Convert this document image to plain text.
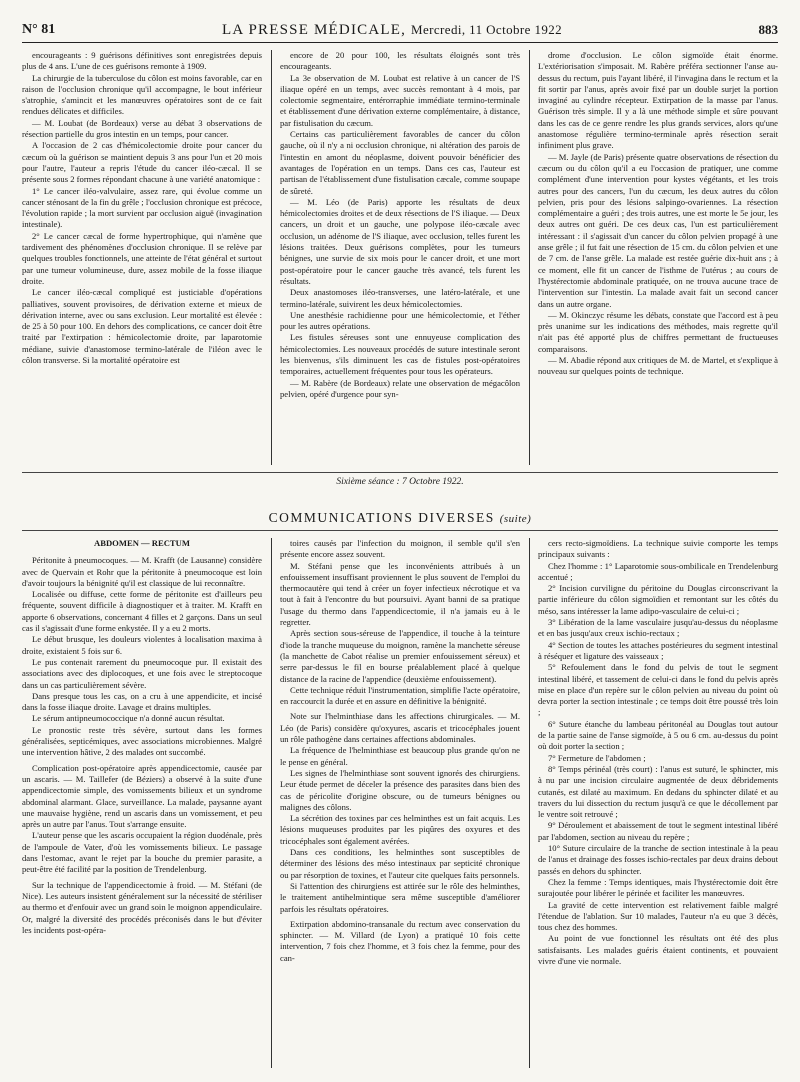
N° 81	LA PRESSE MÉDICALE, Mercredi, 11 Octobre 1922	883

encourageants : 9 guérisons définitives sont enregistrées depuis plus de 4 ans. L'une de ces guérisons remonte à 1909.

La chirurgie de la tuberculose du côlon est moins favorable, car en raison de l'occlusion chronique qu'il accompagne, le bout inférieur s'atrophie, s'amincit et les manœuvres opératoires sont de ce fait rendues délicates et difficiles.

— M. Loubat (de Bordeaux) verse au débat 3 observations de résection partielle du gros intestin en un temps, pour cancer.

A l'occasion de 2 cas d'hémicolectomie droite pour cancer du cæcum où la guérison se maintient depuis 3 ans pour l'un et 20 mois pour l'autre, l'auteur a repris l'étude du cancer iléo-cæcal. Il se présente sous 2 formes répondant chacune à une variété anatomique :

1° Le cancer iléo-valvulaire, assez rare, qui évolue comme un cancer sténosant de la fin du grêle ; l'occlusion chronique est précoce, l'évolution rapide ; la mort survient par occlusion aiguë (invagination intestinale).

2° Le cancer cæcal de forme hypertrophique, qui n'amène que tardivement des phénomènes d'occlusion chronique. Il se relève par quelques troubles fonctionnels, une atteinte de l'état général et surtout par une tumeur volumineuse, dure, assez mobile de la fosse iliaque droite.

Le cancer iléo-cæcal compliqué est justiciable d'opérations palliatives, souvent provisoires, de dérivation externe et mieux de dérivation interne, avec ou sans exclusion. Leur mortalité est élevée : de 25 à 50 pour 100. En dehors des complications, ce cancer doit être traité par l'extirpation : hémicolectomie droite, par laparotomie médiane, suivie d'anastomose termino-latérale de l'iléon avec le côlon transverse. Si la mortalité opératoire est

encore de 20 pour 100, les résultats éloignés sont très encourageants.

La 3e observation de M. Loubat est relative à un cancer de l'S iliaque opéré en un temps, avec succès remontant à 4 mois, par colectomie segmentaire, entérorraphie immédiate termino-terminale et établissement d'une dérivation externe complémentaire, à distance, par fistulisation du cæcum.

Certains cas particulièrement favorables de cancer du côlon gauche, où il n'y a ni occlusion chronique, ni altération des parois de l'intestin en amont du néoplasme, doivent pouvoir bénéficier des avantages de l'opération en un temps. Dans ces cas, l'auteur est partisan de l'établissement d'une fistulisation cæcale, comme soupape de sûreté.

— M. Léo (de Paris) apporte les résultats de deux hémicolectomies droites et de deux résections de l'S iliaque. — Deux cancers, un droit et un gauche, une polypose iléo-cæcale avec occlusion, un adénome de l'S iliaque, avec occlusion, telles furent les lésions traitées. Deux guérisons complètes, pour les tumeurs bénignes, une survie de six mois pour le cancer droit, et une mort post-opératoire pour le cancer gauche très avancé, tels furent les résultats.

Deux anastomoses iléo-transverses, une latéro-latérale, et une termino-latérale, suivirent les deux hémicolectomies.

Une anesthésie rachidienne pour une hémicolectomie, et l'éther pour les autres opérations.

Les fistules séreuses sont une ennuyeuse complication des hémicolectomies. Les nouveaux procédés de suture intestinale seront les bienvenus, s'ils diminuent les cas de fistules post-opératoires temporaires, actuellement fréquentes pour tous les opérateurs.

— M. Rabère (de Bordeaux) relate une observation de mégacôlon pelvien, opéré d'urgence pour syn-

drome d'occlusion. Le côlon sigmoïde était énorme. L'extériorisation s'imposait. M. Rabère préféra sectionner l'anse au-dessus du rectum, puis l'ayant libéré, il l'invagina dans le rectum et la fit sortir par l'anus, après avoir fixé par un double surjet la portion invaginé au cylindre récepteur. Extirpation de la masse par l'anus. Guérison très simple. Il y a là une méthode simple et sûre pouvant dans les cas de ce genre rendre les plus grands services, alors qu'une anastomose régulière termino-terminale après résection serait infiniment plus grave.

— M. Jayle (de Paris) présente quatre observations de résection du cæcum ou du côlon qu'il a eu l'occasion de pratiquer, une comme complément d'une intervention pour kystes végétants, et les trois autres pour des cancers, l'un du cæcum, les deux autres du côlon pelvien, pris pour des lésions salpingo-ovariennes. La résection complémentaire a guéri ; des trois autres, une est morte le 5e jour, les deux autres ont guéri. De ces deux cas, l'un est particulièrement intéressant : il s'agissait d'un cancer du côlon pelvien propagé à une anse grêle ; il fut fait une résection de 15 cm. du côlon pelvien et une de 7 cm. de l'anse grêle. La malade est restée guérie dix-huit ans ; à ce moment, elle fit un cancer de l'isthme de l'utérus ; au cours de l'hystérectomie abdominale pratiquée, on ne trouva aucune trace de l'intervention sur l'intestin. La malade avait fait un second cancer dans un autre organe.

— M. Okinczyc résume les débats, constate que l'accord est à peu près unanime sur les indications des méthodes, mais regrette qu'il n'ait pas été apporté plus de chiffres permettant de fructueuses comparaisons.

— M. Abadie répond aux critiques de M. de Martel, et s'explique à nouveau sur quelques points de technique.

Sixième séance : 7 Octobre 1922.
COMMUNICATIONS DIVERSES (suite)

ABDOMEN — RECTUM

Péritonite à pneumocoques. — M. Krafft (de Lausanne) considère avec de Quervain et Rohr que la péritonite à pneumocoque est loin d'avoir toujours la bénignité qu'il est classique de lui reconnaître.

Localisée ou diffuse, cette forme de péritonite est d'ailleurs peu fréquente, souvent difficile à diagnostiquer et à traiter. M. Krafft en apporte 6 observations, concernant 4 filles et 2 garçons. Dans un seul cas il s'agissait d'une forme enkystée. Il y a eu 2 morts.

Le début brusque, les douleurs violentes à localisation maxima à droite, existaient 5 fois sur 6.

Le pus contenait rarement du pneumocoque pur. Il existait des associations avec des diplocoques, et une fois avec le streptocoque dans un cas particulièrement sévère.

Dans presque tous les cas, on a cru à une appendicite, et incisé dans la fosse iliaque droite. Lavage et drains multiples.

Le sérum antipneumococcique n'a donné aucun résultat.

Le pronostic reste très sévère, surtout dans les formes généralisées, septicémiques, avec associations microbiennes. Malgré une intervention hâtive, 2 des malades ont succombé.

Complication post-opératoire après appendicectomie, causée par un ascaris. — M. Taillefer (de Béziers) a observé à la suite d'une appendicectomie simple, des vomissements bilieux et un syndrome abdominal alarmant. Glace, surveillance. La malade, paysanne ayant une mauvaise hygiène, rend un ascaris dans un vomissement, et peu après un autre par l'anus. Tout s'arrange ensuite.

L'auteur pense que les ascaris occupaient la région duodénale, près de l'ampoule de Vater, d'où les vomissements bilieux. Le passage dans l'estomac, avant le rejet par la bouche du premier parasite, a peut-être été facilité par la position de Trendelenburg.

Sur la technique de l'appendicectomie à froid. — M. Stéfani (de Nice). Les auteurs insistent généralement sur la nécessité de stériliser au thermo et d'enfouir avec un grand soin le moignon appendiculaire. Or, malgré la diversité des procédés préconisés dans le but d'éviter les incidents post-opéra-

toires causés par l'infection du moignon, il semble qu'il s'en présente encore assez souvent.

M. Stéfani pense que les inconvénients attribués à un enfouissement insuffisant proviennent le plus souvent de l'emploi du thermocautère qui tend à créer un foyer infectieux nécrotique et va tout à fait à l'encontre du but poursuivi. Ayant banni de sa pratique l'usage du thermo dans l'appendicectomie, il n'a jamais eu à le regretter.

Après section sous-séreuse de l'appendice, il touche à la teinture d'iode la tranche muqueuse du moignon, ramène la manchette séreuse (la manchette de Cabot réalise un premier enfouissement séreux) et serre par-dessus le fil en bourse préalablement placé à quelque distance de la racine de l'appendice (deuxième enfouissement).

Cette technique réduit l'instrumentation, simplifie l'acte opératoire, en raccourcit la durée et en assure en définitive la bénignité.

Note sur l'helminthiase dans les affections chirurgicales. — M. Léo (de Paris) considère qu'oxyures, ascaris et tricocéphales jouent un rôle pathogène dans certaines affections abdominales.

La fréquence de l'helminthiase est beaucoup plus grande qu'on ne le pense en général.

Les signes de l'helminthiase sont souvent ignorés des chirurgiens. Leur étude permet de déceler la présence des parasites dans bien des cas de péricolite d'origine obscure, ou de tumeurs bénignes ou malignes des côlons.

La sécrétion des toxines par ces helminthes est un fait acquis. Les lésions muqueuses produites par les piqûres des oxyures et des tricocéphales sont également avérées.

Dans ces conditions, les helminthes sont susceptibles de déterminer des lésions des méso intestinaux par septicité chronique ou par résorption de toxines, et l'auteur cite quelques faits personnels.

Si l'attention des chirurgiens est attirée sur le rôle des helminthes, le traitement antihelmintique sera même susceptible d'améliorer parfois les résultats opératoires.

Extirpation abdomino-transanale du rectum avec conservation du sphincter. — M. Villard (de Lyon) a pratiqué 10 fois cette intervention, 7 fois chez l'homme, et 3 fois chez la femme, pour des can-

cers recto-sigmoïdiens. La technique suivie comporte les temps principaux suivants :

Chez l'homme : 1° Laparotomie sous-ombilicale en Trendelenburg accentué ;

2° Incision curviligne du péritoine du Douglas circonscrivant la partie inférieure du côlon sigmoïdien et remontant sur les côtés du méso, sans intéresser la lame adipo-vasculaire de celui-ci ;

3° Libération de la lame vasculaire jusqu'au-dessus du néoplasme et en bas jusqu'aux creux ischio-rectaux ;

4° Section de toutes les attaches postérieures du segment intestinal à réséquer et ligature des vaisseaux ;

5° Refoulement dans le fond du pelvis de tout le segment intestinal libéré, et tassement de celui-ci dans le fond du pelvis après mise en place d'un repère sur le côlon pelvien au niveau du point où devra porter la section intestinale ; ce temps doit être poussé très loin ;

6° Suture étanche du lambeau péritonéal au Douglas tout autour de la partie saine de l'anse sigmoïde, à 5 ou 6 cm. au-dessus du point où doit porter la section ;

7° Fermeture de l'abdomen ;

8° Temps périnéal (très court) : l'anus est suturé, le sphincter, mis à nu par une incision circulaire augmentée de deux débridements cutanés, est dilaté au maximum. En dedans du sphincter dilaté et au travers du lui dissection du rectum jusqu'à ce que le décollement par le ventre soit retrouvé ;

9° Déroulement et abaissement de tout le segment intestinal libéré par l'abdomen, section au niveau du repère ;

10° Suture circulaire de la tranche de section intestinale à la peau de l'anus et drainage des fosses ischio-rectales par deux drains debout passés en dehors du sphincter.

Chez la femme : Temps identiques, mais l'hystérectomie doit être surajoutée pour libérer le périnée et faciliter les manœuvres.

La gravité de cette intervention est relativement faible malgré l'étendue de l'ablation. Sur 10 malades, l'auteur n'a eu que 3 décès, tous chez des hommes.

Au point de vue fonctionnel les résultats ont été des plus satisfaisants. Les malades guéris étaient continents, et pouvaient vivre d'une vie normale.
